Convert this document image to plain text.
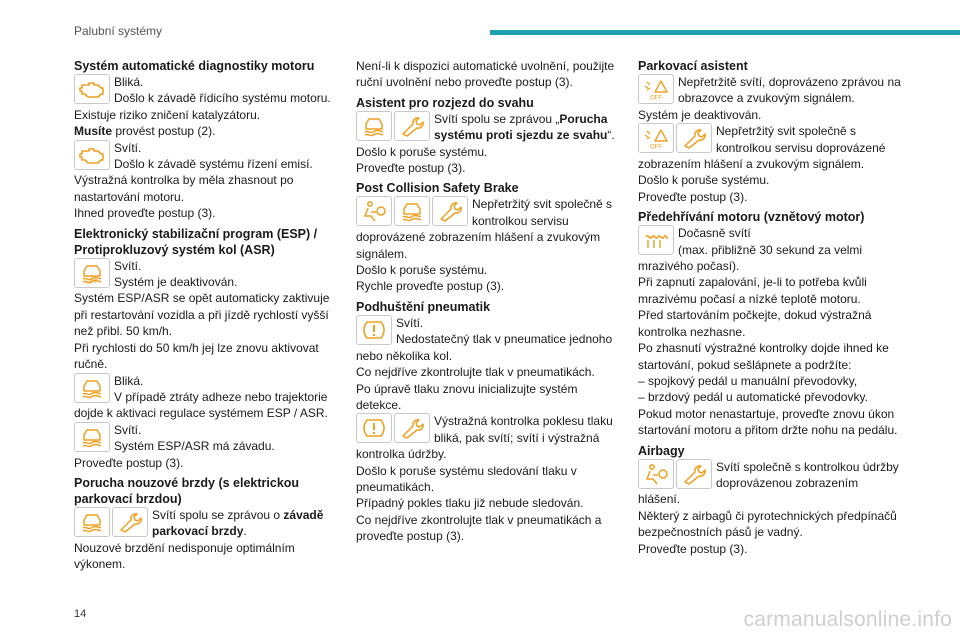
Palubní systémy
Systém automatické diagnostiky motoru

Bliká.

Došlo k závadě řídicího systému motoru.

Existuje riziko zničení katalyzátoru.

Musíte provést postup (2).

Svítí.

Došlo k závadě systému řízení emisí.

Výstražná kontrolka by měla zhasnout po nastartování motoru.

Ihned proveďte postup (3).

Elektronický stabilizační program (ESP) / Protiprokluzový systém kol (ASR)
OFF

Svítí.

Systém je deaktivován.

Systém ESP/ASR se opět automaticky zaktivuje při restartování vozidla a při jízdě rychlostí vyšší než přibl. 50 km/h.

Při rychlosti do 50 km/h jej lze znovu aktivovat ručně.

Bliká.

V případě ztráty adheze nebo trajektorie

dojde k aktivaci regulace systémem ESP / ASR.

Svítí.

Systém ESP/ASR má závadu.

Proveďte postup (3).

Porucha nouzové brzdy (s elektrickou parkovací brzdou)

Svítí spolu se zprávou o závadě parkovací brzdy.

Nouzové brzdění nedisponuje optimálním výkonem.

Není-li k dispozici automatické uvolnění, použijte ruční uvolnění nebo proveďte postup (3).

Asistent pro rozjezd do svahu

Svítí spolu se zprávou „Porucha systému proti sjezdu ze svahu“.

Došlo k poruše systému.

Proveďte postup (3).

Post Collision Safety Brake

Nepřetržitý svit společně s kontrolkou servisu

doprovázené zobrazením hlášení a zvukovým signálem.

Došlo k poruše systému.

Rychle proveďte postup (3).

Podhuštění pneumatik

Svítí.

Nedostatečný tlak v pneumatice jednoho

nebo několika kol.

Co nejdříve zkontrolujte tlak v pneumatikách.

Po úpravě tlaku znovu inicializujte systém detekce.

Výstražná kontrolka poklesu tlaku bliká, pak svítí; svítí i výstražná

kontrolka údržby.

Došlo k poruše systému sledování tlaku v pneumatikách.

Případný pokles tlaku již nebude sledován.

Co nejdříve zkontrolujte tlak v pneumatikách a proveďte postup (3).

Parkovací asistent
OFF

Nepřetržitě svítí, doprovázeno zprávou na obrazovce a zvukovým signálem.

Systém je deaktivován.

OFF

Nepřetržitý svit společně s kontrolkou servisu doprovázené

zobrazením hlášení a zvukovým signálem.

Došlo k poruše systému.

Proveďte postup (3).

Předehřívání motoru (vznětový motor)

Dočasně svítí

(max. přibližně 30 sekund za velmi

mrazivého počasí).

Při zapnutí zapalování, je-li to potřeba kvůli mrazivému počasí a nízké teplotě motoru.

Před startováním počkejte, dokud výstražná kontrolka nezhasne.

Po zhasnutí výstražné kontrolky dojde ihned ke startování, pokud sešlápnete a podržíte:

– spojkový pedál u manuální převodovky,

– brzdový pedál u automatické převodovky.

Pokud motor nenastartuje, proveďte znovu úkon startování motoru a přitom držte nohu na pedálu.

Airbagy

Svítí společně s kontrolkou údržby doprovázenou zobrazením

hlášení.

Některý z airbagů či pyrotechnických předpínačů bezpečnostních pásů je vadný.

Proveďte postup (3).

14	carmanualsonline.info
